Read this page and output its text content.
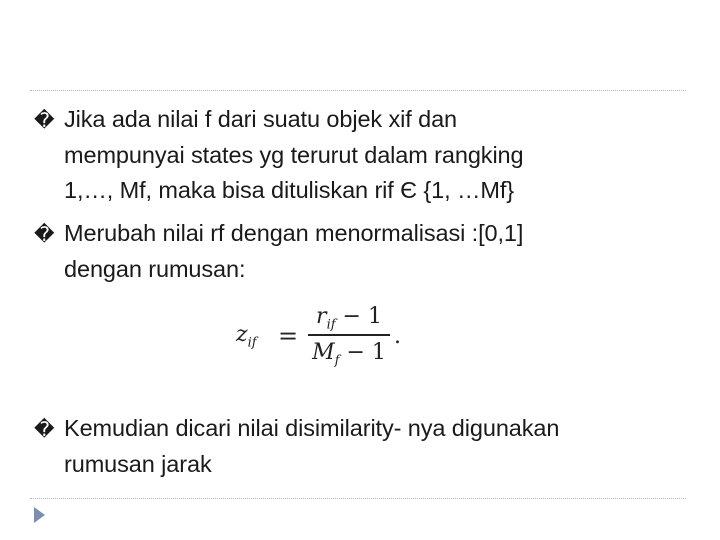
� Jika ada nilai f dari suatu objek xif dan
mempunyai states yg terurut dalam rangking
1,…, Mf, maka bisa dituliskan rif Є {1, …Mf}
� Merubah nilai rf dengan menormalisasi :[0,1]
dengan rumusan:
$z_{if}$ =
$r_{if} - 1$
$M_f - 1$
.
� Kemudian dicari nilai disimilarity- nya digunakan
rumusan jarak
